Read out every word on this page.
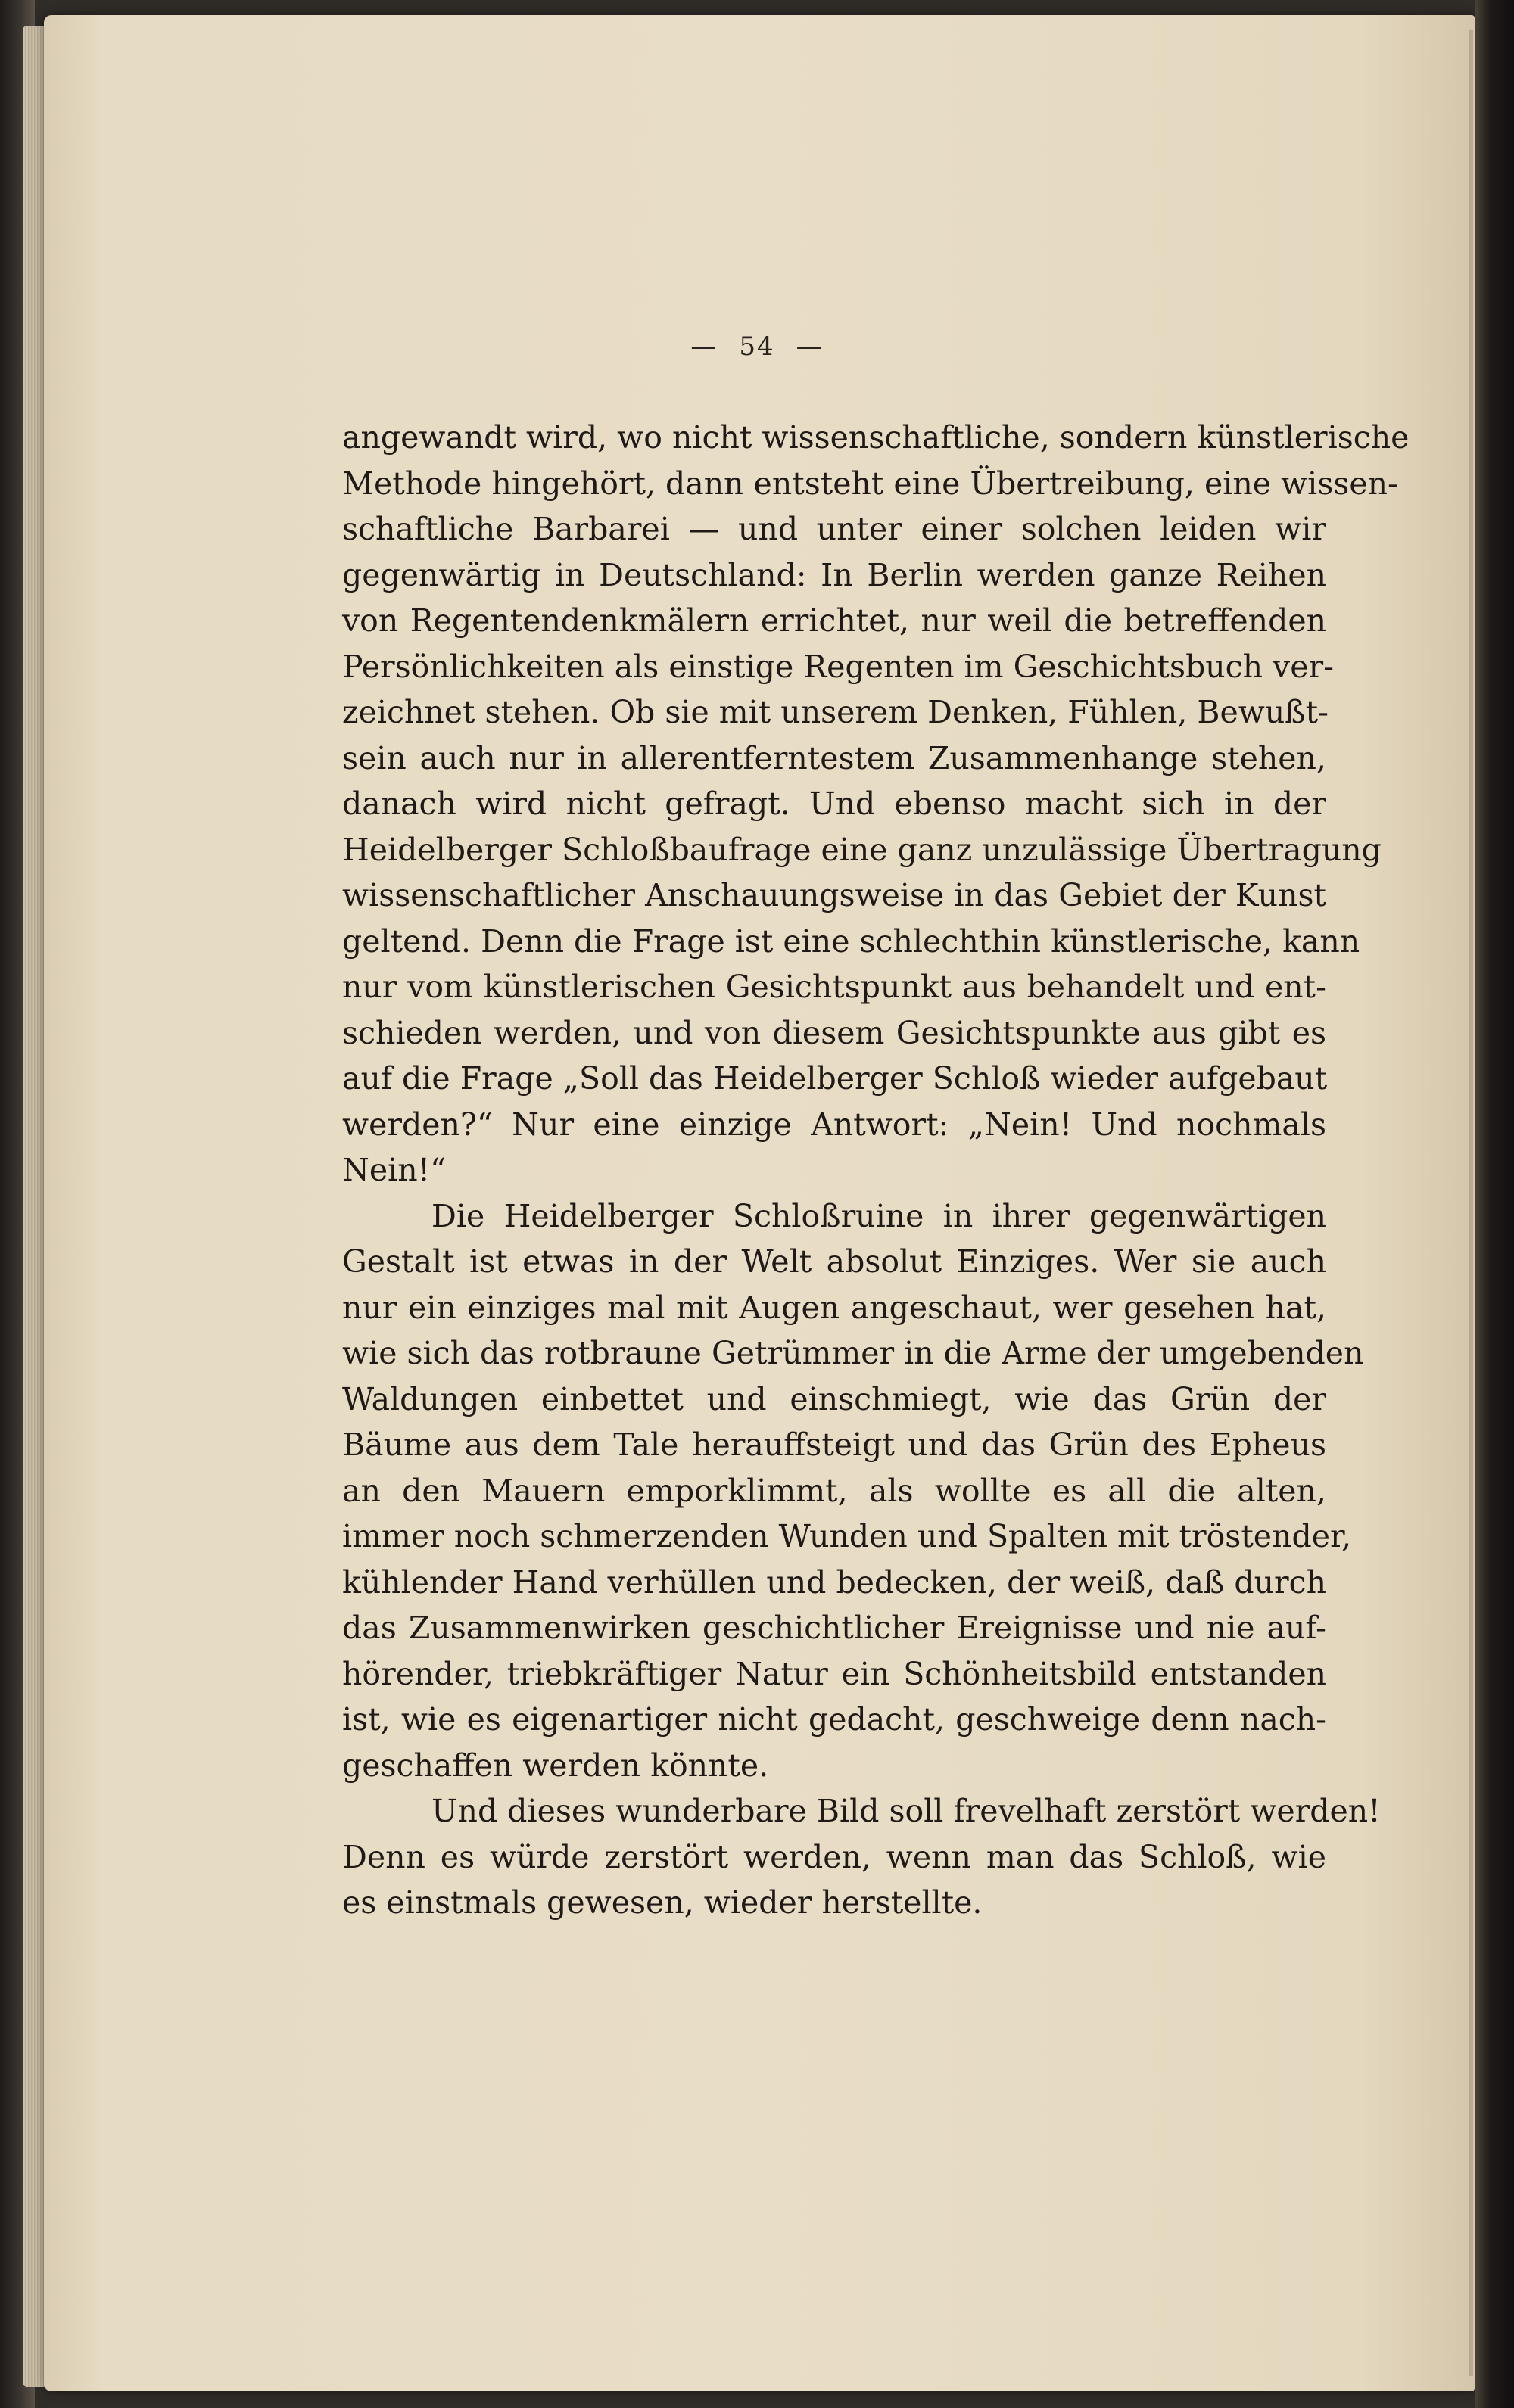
— 54 —
angewandt wird, wo nicht wissenschaftliche, sondern künstlerische
Methode hingehört, dann entsteht eine Übertreibung, eine wissen-
schaftliche Barbarei — und unter einer solchen leiden wir
gegenwärtig in Deutschland: In Berlin werden ganze Reihen
von Regentendenkmälern errichtet, nur weil die betreffenden
Persönlichkeiten als einstige Regenten im Geschichtsbuch ver-
zeichnet stehen. Ob sie mit unserem Denken, Fühlen, Bewußt-
sein auch nur in allerentferntestem Zusammenhange stehen,
danach wird nicht gefragt. Und ebenso macht sich in der
Heidelberger Schloßbaufrage eine ganz unzulässige Übertragung
wissenschaftlicher Anschauungsweise in das Gebiet der Kunst
geltend. Denn die Frage ist eine schlechthin künstlerische, kann
nur vom künstlerischen Gesichtspunkt aus behandelt und ent-
schieden werden, und von diesem Gesichtspunkte aus gibt es
auf die Frage „Soll das Heidelberger Schloß wieder aufgebaut
werden?“ Nur eine einzige Antwort: „Nein! Und nochmals
Nein!“
Die Heidelberger Schloßruine in ihrer gegenwärtigen
Gestalt ist etwas in der Welt absolut Einziges. Wer sie auch
nur ein einziges mal mit Augen angeschaut, wer gesehen hat,
wie sich das rotbraune Getrümmer in die Arme der umgebenden
Waldungen einbettet und einschmiegt, wie das Grün der
Bäume aus dem Tale herauffsteigt und das Grün des Epheus
an den Mauern emporklimmt, als wollte es all die alten,
immer noch schmerzenden Wunden und Spalten mit tröstender,
kühlender Hand verhüllen und bedecken, der weiß, daß durch
das Zusammenwirken geschichtlicher Ereignisse und nie auf-
hörender, triebkräftiger Natur ein Schönheitsbild entstanden
ist, wie es eigenartiger nicht gedacht, geschweige denn nach-
geschaffen werden könnte.
Und dieses wunderbare Bild soll frevelhaft zerstört werden!
Denn es würde zerstört werden, wenn man das Schloß, wie
es einstmals gewesen, wieder herstellte.
